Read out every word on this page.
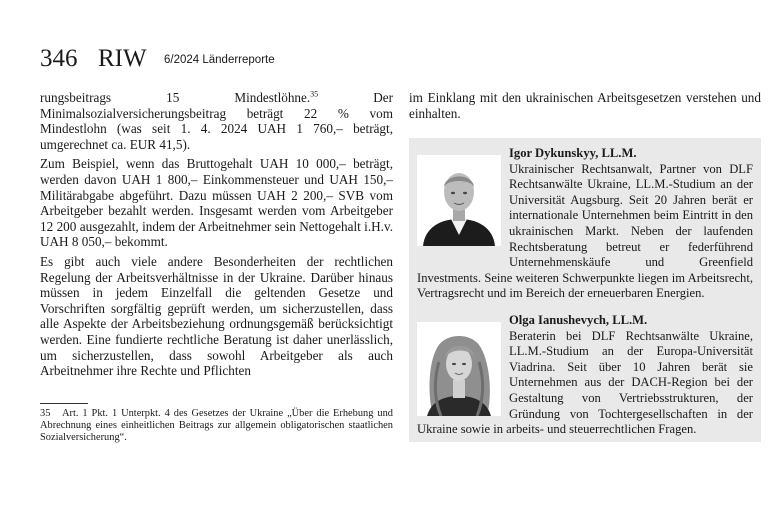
346 RIW 6/2024 Länderreporte

rungsbeitrags 15 Mindestlöhne.$^{35}$ Der Minimalsozialversicherungsbeitrag beträgt 22 % vom Mindestlohn (was seit 1. 4. 2024 UAH 1 760,– beträgt, umgerechnet ca. EUR 41,5).

Zum Beispiel, wenn das Bruttogehalt UAH 10 000,– beträgt, werden davon UAH 1 800,– Einkommensteuer und UAH 150,– Militärabgabe abgeführt. Dazu müssen UAH 2 200,– SVB vom Arbeitgeber bezahlt werden. Insgesamt werden vom Arbeitgeber 12 200 ausgezahlt, indem der Arbeitnehmer sein Nettogehalt i.H.v. UAH 8 050,– bekommt.

Es gibt auch viele andere Besonderheiten der rechtlichen Regelung der Arbeitsverhältnisse in der Ukraine. Darüber hinaus müssen in jedem Einzelfall die geltenden Gesetze und Vorschriften sorgfältig geprüft werden, um sicherzustellen, dass alle Aspekte der Arbeitsbeziehung ordnungsgemäß berücksichtigt werden. Eine fundierte rechtliche Beratung ist daher unerlässlich, um sicherzustellen, dass sowohl Arbeitgeber als auch Arbeitnehmer ihre Rechte und Pflichten

35 Art. 1 Pkt. 1 Unterpkt. 4 des Gesetzes der Ukraine „Über die Erhebung und Abrechnung eines einheitlichen Beitrags zur allgemein obligatorischen staatlichen Sozialversicherung“.

im Einklang mit den ukrainischen Arbeitsgesetzen verstehen und einhalten.

Igor Dykunskyy, LL.M.
Ukrainischer Rechtsanwalt, Partner von DLF Rechtsanwälte Ukraine, LL.M.-Studium an der Universität Augsburg. Seit 20 Jahren berät er internationale Unternehmen beim Eintritt in den ukrainischen Markt. Neben der laufenden Rechtsberatung betreut er federführend Unternehmenskäufe und Greenfield Investments. Seine weiteren Schwerpunkte liegen im Arbeitsrecht, Vertragsrecht und im Bereich der erneuerbaren Energien.
Olga Ianushevych, LL.M.
Beraterin bei DLF Rechtsanwälte Ukraine, LL.M.-Studium an der Europa-Universität Viadrina. Seit über 10 Jahren berät sie Unternehmen aus der DACH-Region bei der Gestaltung von Vertriebsstrukturen, der Gründung von Tochtergesellschaften in der Ukraine sowie in arbeits- und steuerrechtlichen Fragen.
